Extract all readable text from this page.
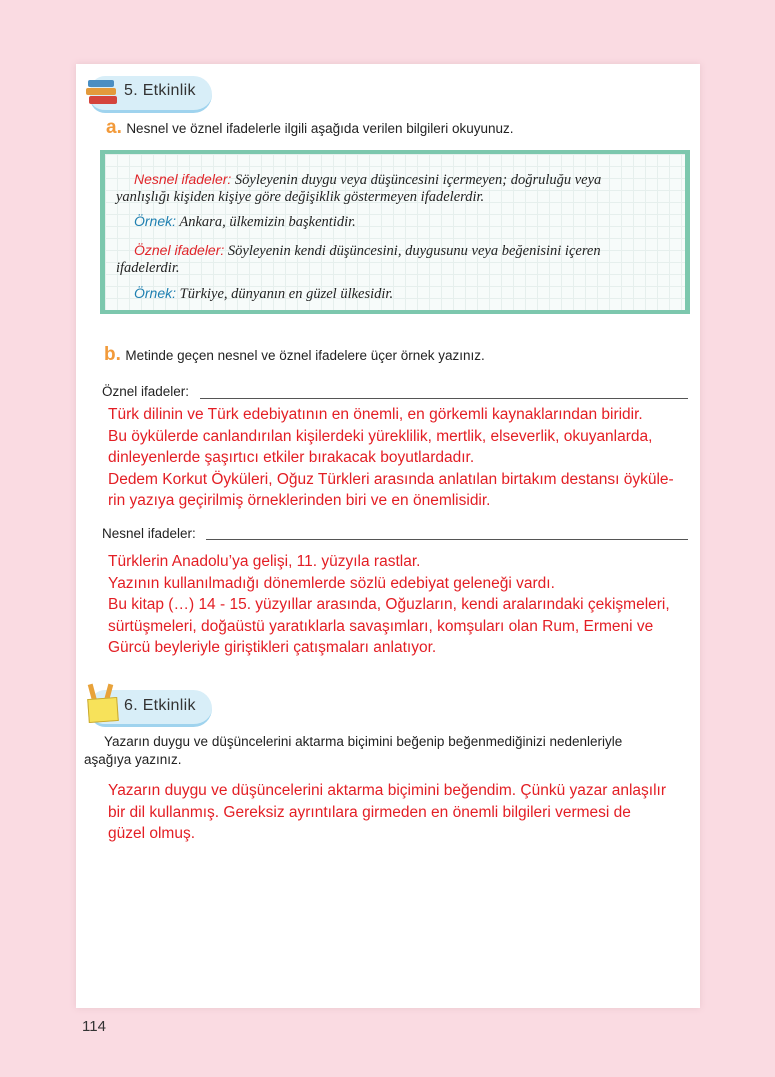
5. Etkinlik
a. Nesnel ve öznel ifadelerle ilgili aşağıda verilen bilgileri okuyunuz.
Nesnel ifadeler: Söyleyenin duygu veya düşüncesini içermeyen; doğruluğu veya
yanlışlığı kişiden kişiye göre değişiklik göstermeyen ifadelerdir.
Örnek: Ankara, ülkemizin başkentidir.
Öznel ifadeler: Söyleyenin kendi düşüncesini, duygusunu veya beğenisini içeren
ifadelerdir.
Örnek: Türkiye, dünyanın en güzel ülkesidir.
b. Metinde geçen nesnel ve öznel ifadelere üçer örnek yazınız.
Öznel ifadeler:
Türk dilinin ve Türk edebiyatının en önemli, en görkemli kaynaklarından biridir.
Bu öykülerde canlandırılan kişilerdeki yüreklilik, mertlik, elseverlik, okuyanlarda,
dinleyenlerde şaşırtıcı etkiler bırakacak boyutlardadır.
Dedem Korkut Öyküleri, Oğuz Türkleri arasında anlatılan birtakım destansı öyküle-
rin yazıya geçirilmiş örneklerinden biri ve en önemlisidir.
Nesnel ifadeler:
Türklerin Anadolu’ya gelişi, 11. yüzyıla rastlar.
Yazının kullanılmadığı dönemlerde sözlü edebiyat geleneği vardı.
Bu kitap (…) 14 - 15. yüzyıllar arasında, Oğuzların, kendi aralarındaki çekişmeleri,
sürtüşmeleri, doğaüstü yaratıklarla savaşımları, komşuları olan Rum, Ermeni ve
Gürcü beyleriyle giriştikleri çatışmaları anlatıyor.
6. Etkinlik
Yazarın duygu ve düşüncelerini aktarma biçimini beğenip beğenmediğinizi nedenleriyle
aşağıya yazınız.
Yazarın duygu ve düşüncelerini aktarma biçimini beğendim. Çünkü yazar anlaşılır
bir dil kullanmış. Gereksiz ayrıntılara girmeden en önemli bilgileri vermesi de
güzel olmuş.
114
